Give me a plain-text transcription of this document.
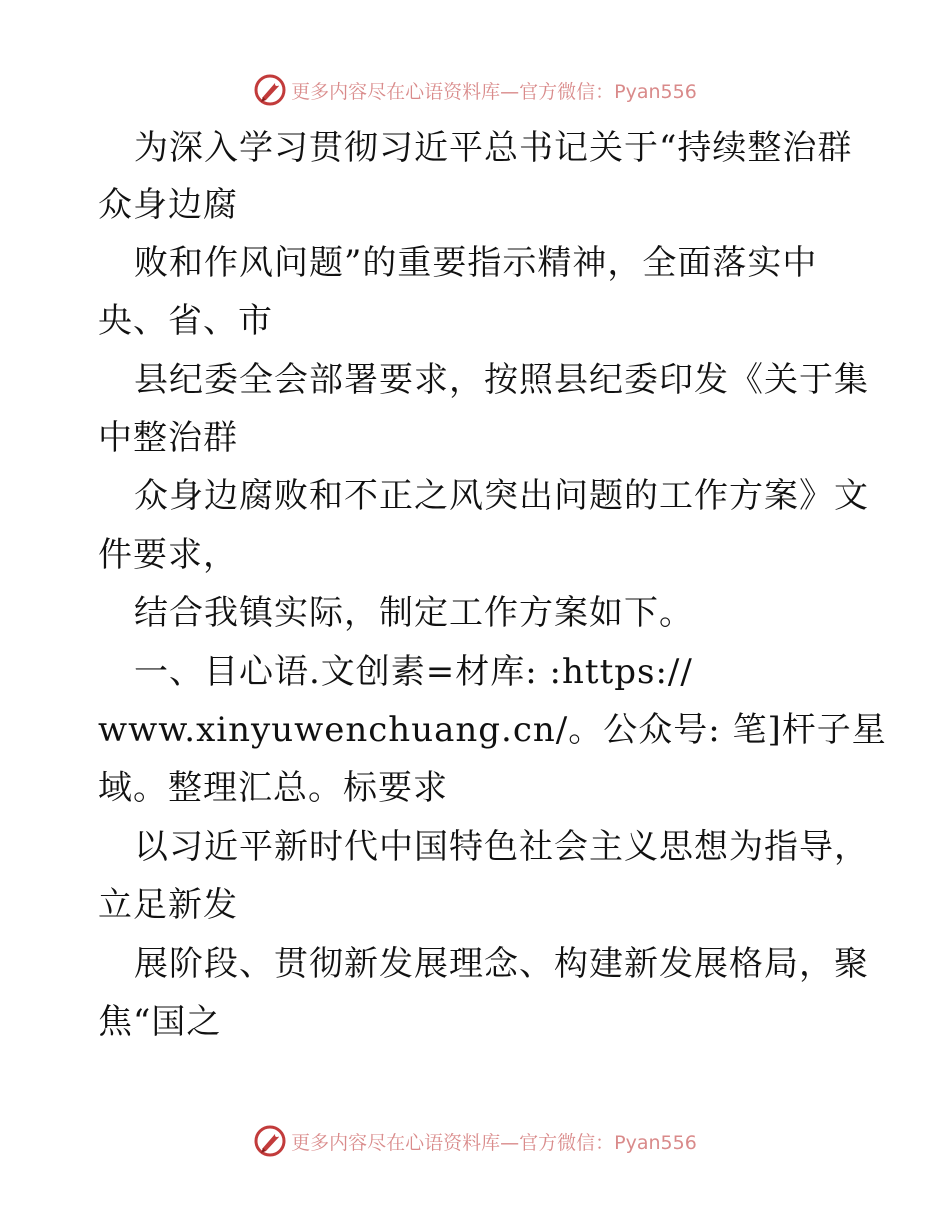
更多内容尽在心语资料库—官方微信：Pyan556
为深入学习贯彻习近平总书记关于“持续整治群
众身边腐
败和作风问题”的重要指示精神，全面落实中
央、省、市
县纪委全会部署要求，按照县纪委印发《关于集
中整治群
众身边腐败和不正之风突出问题的工作方案》文
件要求，
结合我镇实际，制定工作方案如下。
一、目心语.文创素=材库: :https://
www.xinyuwenchuang.cn/。公众号: 笔]杆子星
域。整理汇总。标要求
以习近平新时代中国特色社会主义思想为指导，
立足新发
展阶段、贯彻新发展理念、构建新发展格局，聚
焦“国之
更多内容尽在心语资料库—官方微信：Pyan556
